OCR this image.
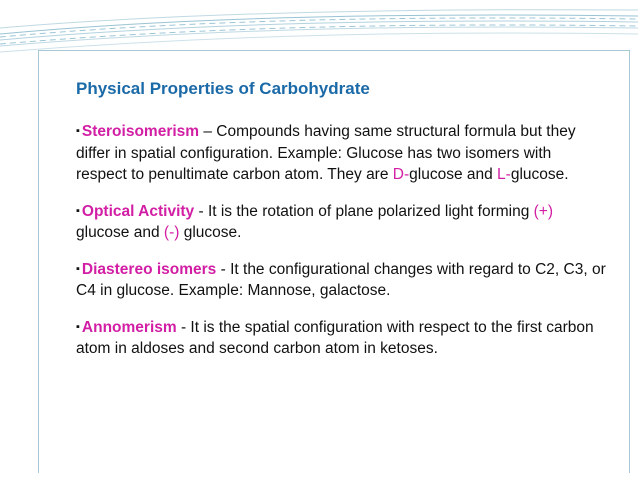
Physical Properties of Carbohydrate

▪ Steroisomerism – Compounds having same structural formula but they differ in spatial configuration. Example: Glucose has two isomers with respect to penultimate carbon atom. They are D-glucose and L-glucose.

▪ Optical Activity - It is the rotation of plane polarized light forming (+) glucose and (-) glucose.

▪ Diastereo isomers - It the configurational changes with regard to C2, C3, or C4 in glucose. Example: Mannose, galactose.

▪ Annomerism - It is the spatial configuration with respect to the first carbon atom in aldoses and second carbon atom in ketoses.
